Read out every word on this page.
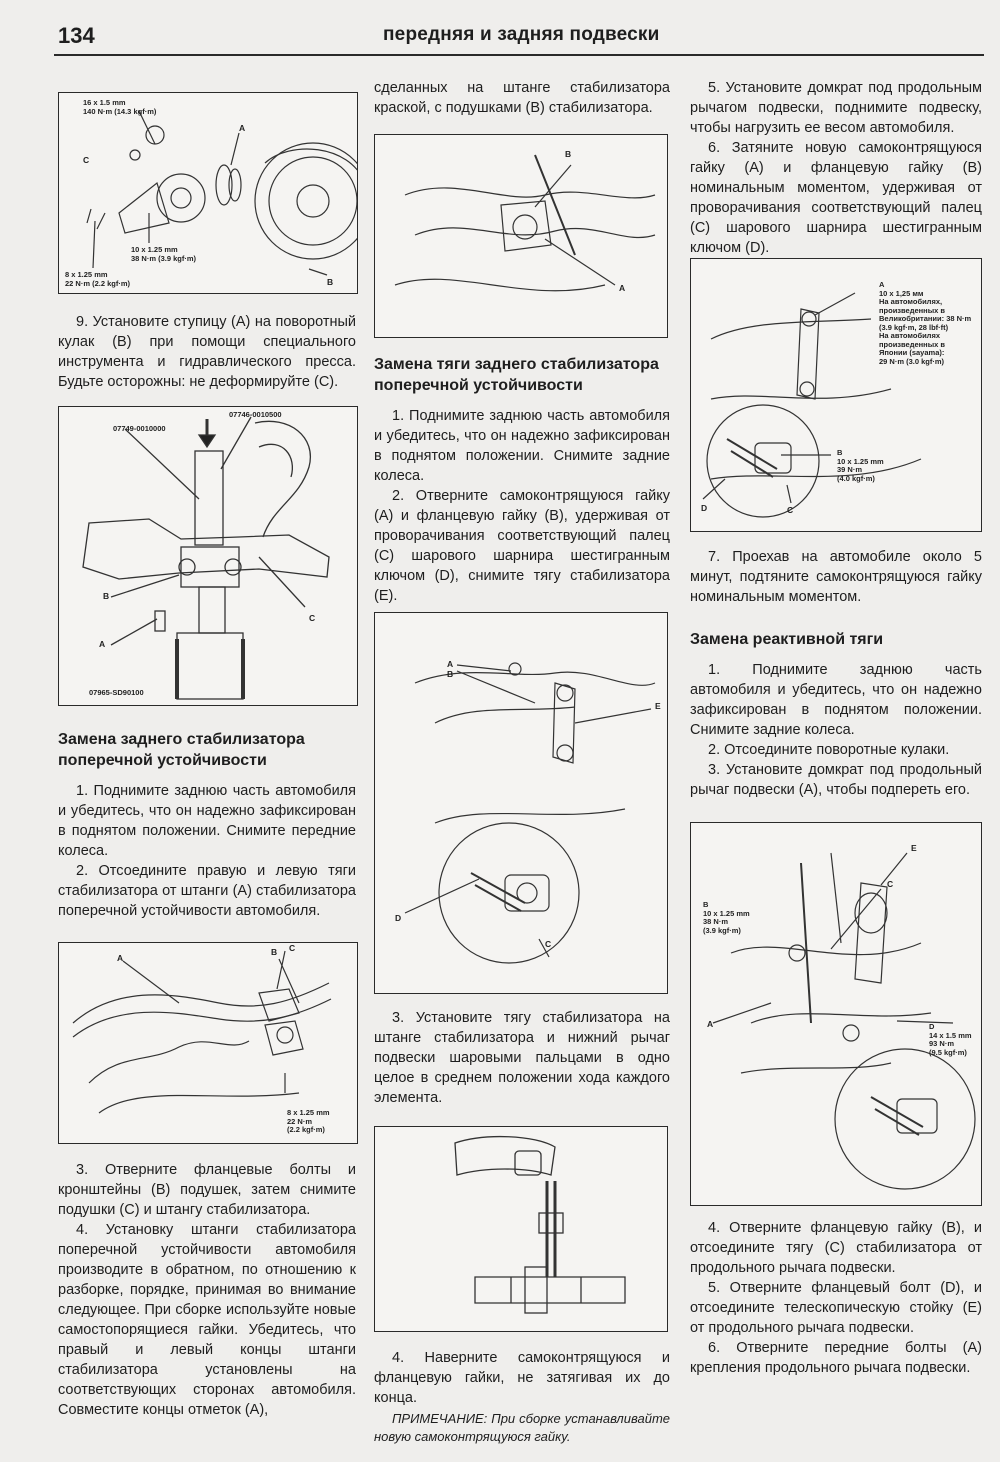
134	передняя и задняя подвески
16 x 1.5 mm
140 N·m (14.3 kgf·m)
10 x 1.25 mm
38 N·m (3.9 kgf·m)
8 x 1.25 mm
22 N·m (2.2 kgf·m)
A
B
C

9. Установите ступицу (А) на поворотный кулак (В) при помощи специального инструмента и гидравлического пресса. Будьте осторожны: не деформируйте (С).

07749-0010000
07746-0010500
07965-SD90100
A
B
C
Замена заднего стабилизатора поперечной устойчивости

1. Поднимите заднюю часть автомобиля и убедитесь, что он надежно зафиксирован в поднятом положении. Снимите передние колеса.

2. Отсоедините правую и левую тяги стабилизатора от штанги (А) стабилизатора поперечной устойчивости автомобиля.

8 x 1.25 mm
22 N·m
(2.2 kgf·m)
A
B C

3. Отверните фланцевые болты и кронштейны (В) подушек, затем снимите подушки (С) и штангу стабилизатора.

4. Установку штанги стабилизатора поперечной устойчивости автомобиля производите в обратном, по отношению к разборке, порядке, принимая во внимание следующее. При сборке используйте новые самостопорящиеся гайки. Убедитесь, что правый и левый концы штанги стабилизатора установлены на соответствующих сторонах автомобиля. Совместите концы отметок (А),

сделанных на штанге стабилизатора краской, с подушками (В) стабилизатора.

B
A
Замена тяги заднего стабилизатора поперечной устойчивости

1. Поднимите заднюю часть автомобиля и убедитесь, что он надежно зафиксирован в поднятом положении. Снимите задние колеса.

2. Отверните самоконтрящуюся гайку (А) и фланцевую гайку (В), удерживая от проворачивания соответствующий палец (С) шарового шарнира шестигранным ключом (D), снимите тягу стабилизатора (Е).

A
B
E
D
C

3. Установите тягу стабилизатора на штанге стабилизатора и нижний рычаг подвески шаровыми пальцами в одно целое в среднем положении хода каждого элемента.

4. Наверните самоконтрящуюся и фланцевую гайки, не затягивая их до конца.

ПРИМЕЧАНИЕ: При сборке устанавливайте новую самоконтрящуюся гайку.

5. Установите домкрат под продольным рычагом подвески, поднимите подвеску, чтобы нагрузить ее весом автомобиля.

6. Затяните новую самоконтрящуюся гайку (А) и фланцевую гайку (В) номинальным моментом, удерживая от проворачивания соответствующий палец (С) шарового шарнира шестигранным ключом (D).

A
10 x 1,25 мм
На автомобилях,
произведенных в
Великобритании: 38 N·m
(3.9 kgf·m, 28 lbf·ft)
На автомобилях
произведенных в
Японии (sayama):
29 N·m (3.0 kgf·m)
B
10 x 1.25 mm
39 N·m
(4.0 kgf·m)
D	C

7. Проехав на автомобиле около 5 минут, подтяните самоконтрящуюся гайку номинальным моментом.

Замена реактивной тяги

1. Поднимите заднюю часть автомобиля и убедитесь, что он надежно зафиксирован в поднятом положении. Снимите задние колеса.

2. Отсоедините поворотные кулаки.

3. Установите домкрат под продольный рычаг подвески (А), чтобы подпереть его.

B
10 x 1.25 mm
38 N·m
(3.9 kgf·m)
D
14 x 1.5 mm
93 N·m
(9.5 kgf·m)
C
E
A

4. Отверните фланцевую гайку (В), и отсоедините тягу (С) стабилизатора от продольного рычага подвески.

5. Отверните фланцевый болт (D), и отсоедините телескопическую стойку (Е) от продольного рычага подвески.

6. Отверните передние болты (А) крепления продольного рычага подвески.
